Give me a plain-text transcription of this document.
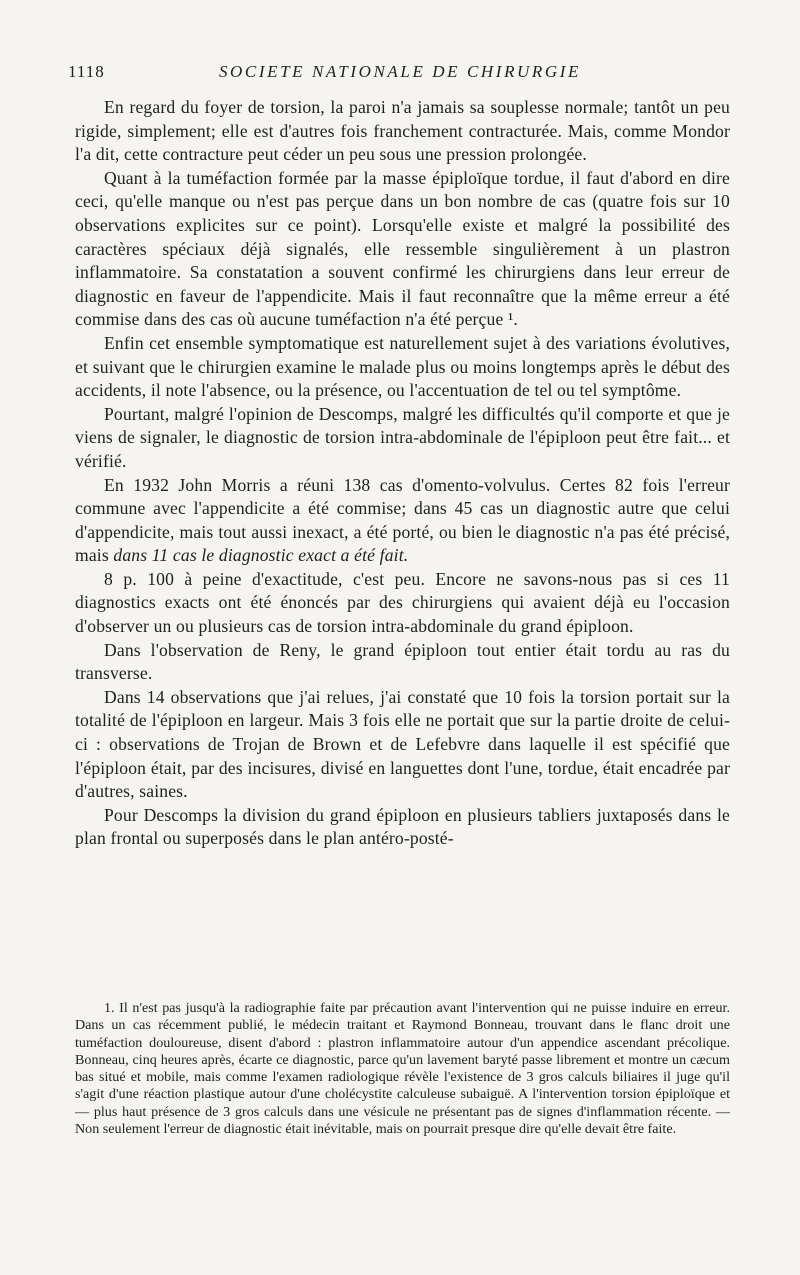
1118	SOCIETE NATIONALE DE CHIRURGIE

En regard du foyer de torsion, la paroi n'a jamais sa souplesse normale; tantôt un peu rigide, simplement; elle est d'autres fois franchement contracturée. Mais, comme Mondor l'a dit, cette contracture peut céder un peu sous une pression prolongée.

Quant à la tuméfaction formée par la masse épiploïque tordue, il faut d'abord en dire ceci, qu'elle manque ou n'est pas perçue dans un bon nombre de cas (quatre fois sur 10 observations explicites sur ce point). Lorsqu'elle existe et malgré la possibilité des caractères spéciaux déjà signalés, elle ressemble singulièrement à un plastron inflammatoire. Sa constatation a souvent confirmé les chirurgiens dans leur erreur de diagnostic en faveur de l'appendicite. Mais il faut reconnaître que la même erreur a été commise dans des cas où aucune tuméfaction n'a été perçue ¹.

Enfin cet ensemble symptomatique est naturellement sujet à des variations évolutives, et suivant que le chirurgien examine le malade plus ou moins longtemps après le début des accidents, il note l'absence, ou la présence, ou l'accentuation de tel ou tel symptôme.

Pourtant, malgré l'opinion de Descomps, malgré les difficultés qu'il comporte et que je viens de signaler, le diagnostic de torsion intra-abdominale de l'épiploon peut être fait... et vérifié.

En 1932 John Morris a réuni 138 cas d'omento-volvulus. Certes 82 fois l'erreur commune avec l'appendicite a été commise; dans 45 cas un diagnostic autre que celui d'appendicite, mais tout aussi inexact, a été porté, ou bien le diagnostic n'a pas été précisé, mais dans 11 cas le diagnostic exact a été fait.

8 p. 100 à peine d'exactitude, c'est peu. Encore ne savons-nous pas si ces 11 diagnostics exacts ont été énoncés par des chirurgiens qui avaient déjà eu l'occasion d'observer un ou plusieurs cas de torsion intra-abdominale du grand épiploon.

Dans l'observation de Reny, le grand épiploon tout entier était tordu au ras du transverse.

Dans 14 observations que j'ai relues, j'ai constaté que 10 fois la torsion portait sur la totalité de l'épiploon en largeur. Mais 3 fois elle ne portait que sur la partie droite de celui-ci : observations de Trojan de Brown et de Lefebvre dans laquelle il est spécifié que l'épiploon était, par des incisures, divisé en languettes dont l'une, tordue, était encadrée par d'autres, saines.

Pour Descomps la division du grand épiploon en plusieurs tabliers juxtaposés dans le plan frontal ou superposés dans le plan antéro-posté-

1. Il n'est pas jusqu'à la radiographie faite par précaution avant l'intervention qui ne puisse induire en erreur. Dans un cas récemment publié, le médecin traitant et Raymond Bonneau, trouvant dans le flanc droit une tuméfaction douloureuse, disent d'abord : plastron inflammatoire autour d'un appendice ascendant précolique. Bonneau, cinq heures après, écarte ce diagnostic, parce qu'un lavement baryté passe librement et montre un cæcum bas situé et mobile, mais comme l'examen radiologique révèle l'existence de 3 gros calculs biliaires il juge qu'il s'agit d'une réaction plastique autour d'une cholécystite calculeuse subaiguë. A l'intervention torsion épiploïque et — plus haut présence de 3 gros calculs dans une vésicule ne présentant pas de signes d'inflammation récente. — Non seulement l'erreur de diagnostic était inévitable, mais on pourrait presque dire qu'elle devait être faite.
